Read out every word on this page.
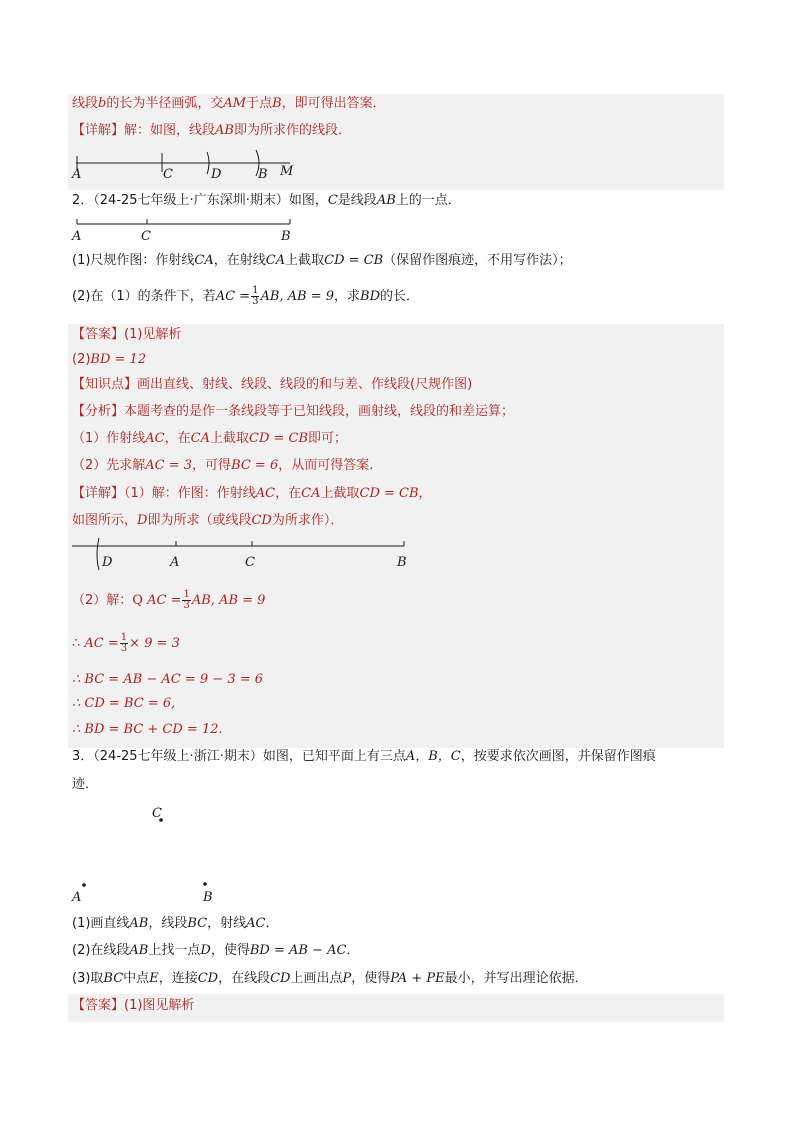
线段b的长为半径画弧，交AM于点B，即可得出答案．
【详解】解：如图，线段AB即为所求作的线段．
A	C	D	B M
2．（24-25七年级上·广东深圳·期末）如图，C是线段AB上的一点．
A	C	B
(1)尺规作图：作射线CA，在射线CA上截取CD = CB（保留作图痕迹，不用写作法）；
(2)在（1）的条件下，若AC = $\frac{1}{3}$ AB, AB = 9，求BD的长．
【答案】(1)见解析
(2)BD = 12
【知识点】画出直线、射线、线段、线段的和与差、作线段(尺规作图)
【分析】本题考查的是作一条线段等于已知线段，画射线，线段的和差运算；
（1）作射线AC，在CA上截取CD = CB即可；
（2）先求解AC = 3，可得BC = 6，从而可得答案．
【详解】（1）解：作图：作射线AC，在CA上截取CD = CB，
如图所示，D即为所求（或线段CD为所求作）．
D	A	C	B
（2）解：Q AC = $\frac{1}{3}$ AB, AB = 9
∴ AC = $\frac{1}{3} \times 9 = 3$
∴ BC = AB − AC = 9 − 3 = 6
∴ CD = BC = 6,
∴ BD = BC + CD = 12.
3．（24-25七年级上·浙江·期末）如图，已知平面上有三点A，B，C，按要求依次画图，并保留作图痕
迹．
C
A	B
(1)画直线AB，线段BC，射线AC．
(2)在线段AB上找一点D，使得BD = AB − AC．
(3)取BC中点E，连接CD，在线段CD上画出点P，使得PA + PE最小，并写出理论依据．
【答案】(1)图见解析
